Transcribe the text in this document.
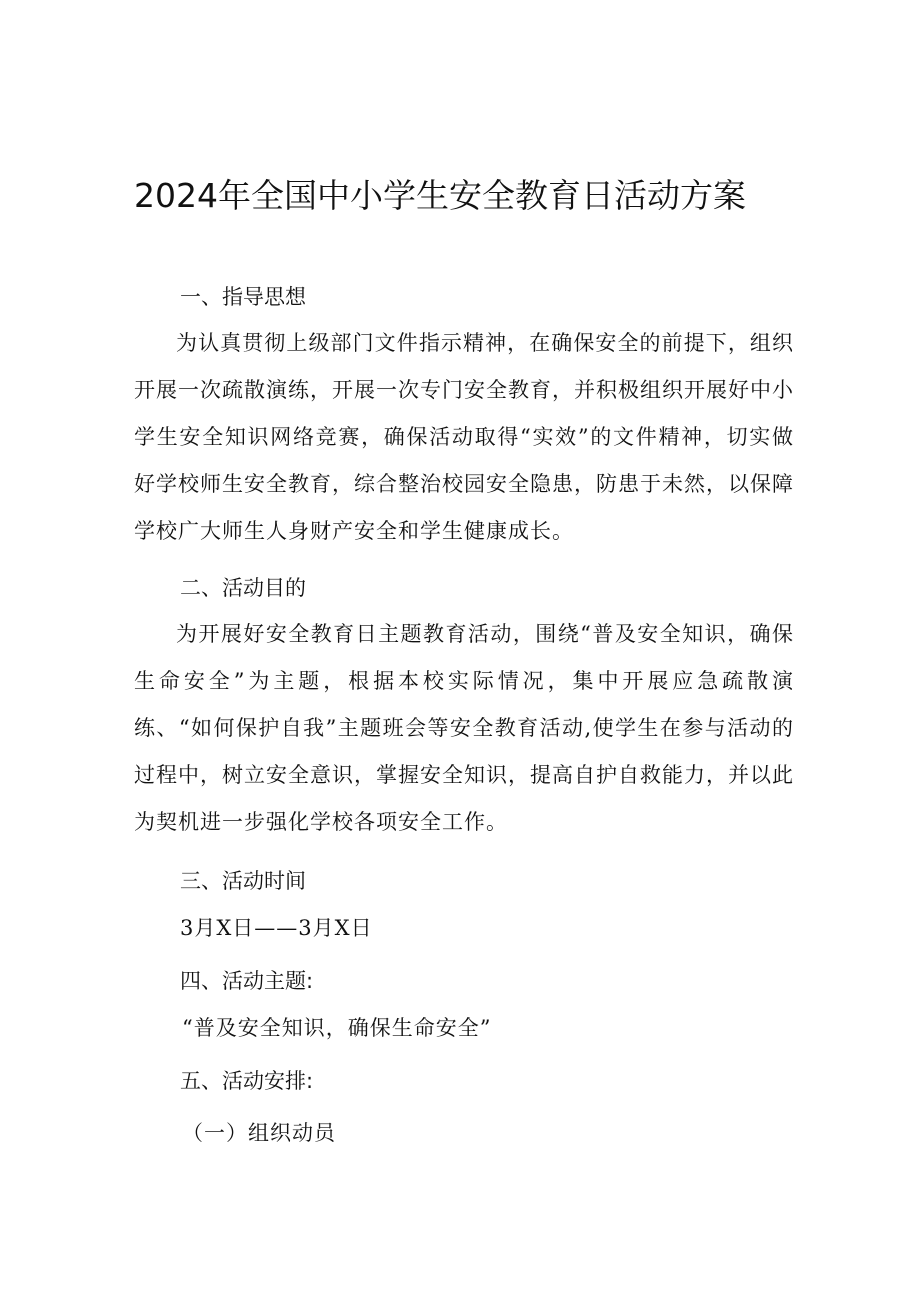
2024年全国中小学生安全教育日活动方案
一、指导思想

为认真贯彻上级部门文件指示精神，在确保安全的前提下，组织开展一次疏散演练，开展一次专门安全教育，并积极组织开展好中小学生安全知识网络竞赛，确保活动取得“实效”的文件精神，切实做好学校师生安全教育，综合整治校园安全隐患，防患于未然，以保障学校广大师生人身财产安全和学生健康成长。

二、活动目的

为开展好安全教育日主题教育活动，围绕“普及安全知识，确保生命安全”为主题，根据本校实际情况，集中开展应急疏散演练、“如何保护自我”主题班会等安全教育活动,使学生在参与活动的过程中，树立安全意识，掌握安全知识，提高自护自救能力，并以此为契机进一步强化学校各项安全工作。

三、活动时间
3月X日——3月X日
四、活动主题:
“普及安全知识，确保生命安全”
五、活动安排:
（一）组织动员
